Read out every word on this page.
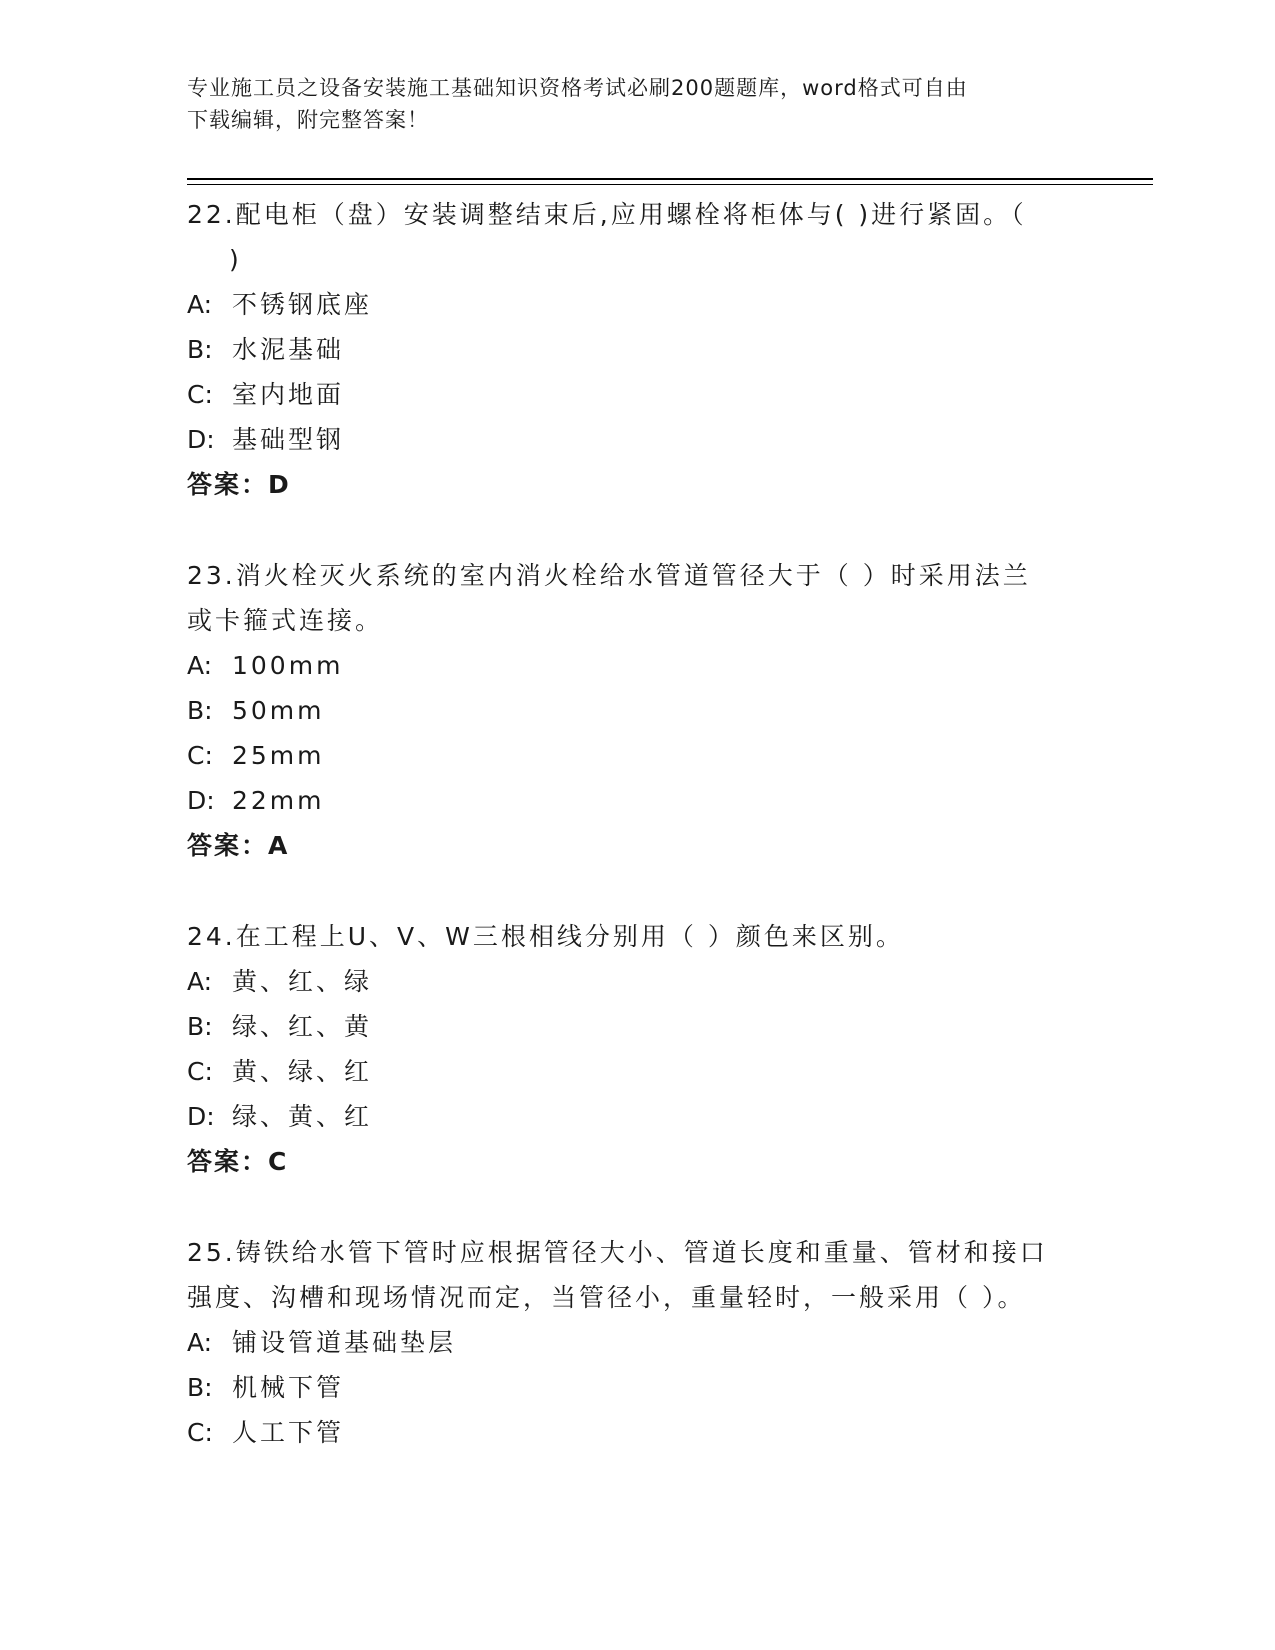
专业施工员之设备安装施工基础知识资格考试必刷200题题库，word格式可自由

下载编辑，附完整答案！

22.配电柜（盘）安装调整结束后,应用螺栓将柜体与( )进行紧固。（

)

A: 不锈钢底座

B: 水泥基础

C: 室内地面

D: 基础型钢

答案：D

23.消火栓灭火系统的室内消火栓给水管道管径大于（ ）时采用法兰

或卡箍式连接。

A: 100mm

B: 50mm

C: 25mm

D: 22mm

答案：A

24.在工程上U、V、W三根相线分别用（ ）颜色来区别。

A: 黄、红、绿

B: 绿、红、黄

C: 黄、绿、红

D: 绿、黄、红

答案：C

25.铸铁给水管下管时应根据管径大小、管道长度和重量、管材和接口

强度、沟槽和现场情况而定，当管径小，重量轻时，一般采用（ ）。

A: 铺设管道基础垫层

B: 机械下管

C: 人工下管
